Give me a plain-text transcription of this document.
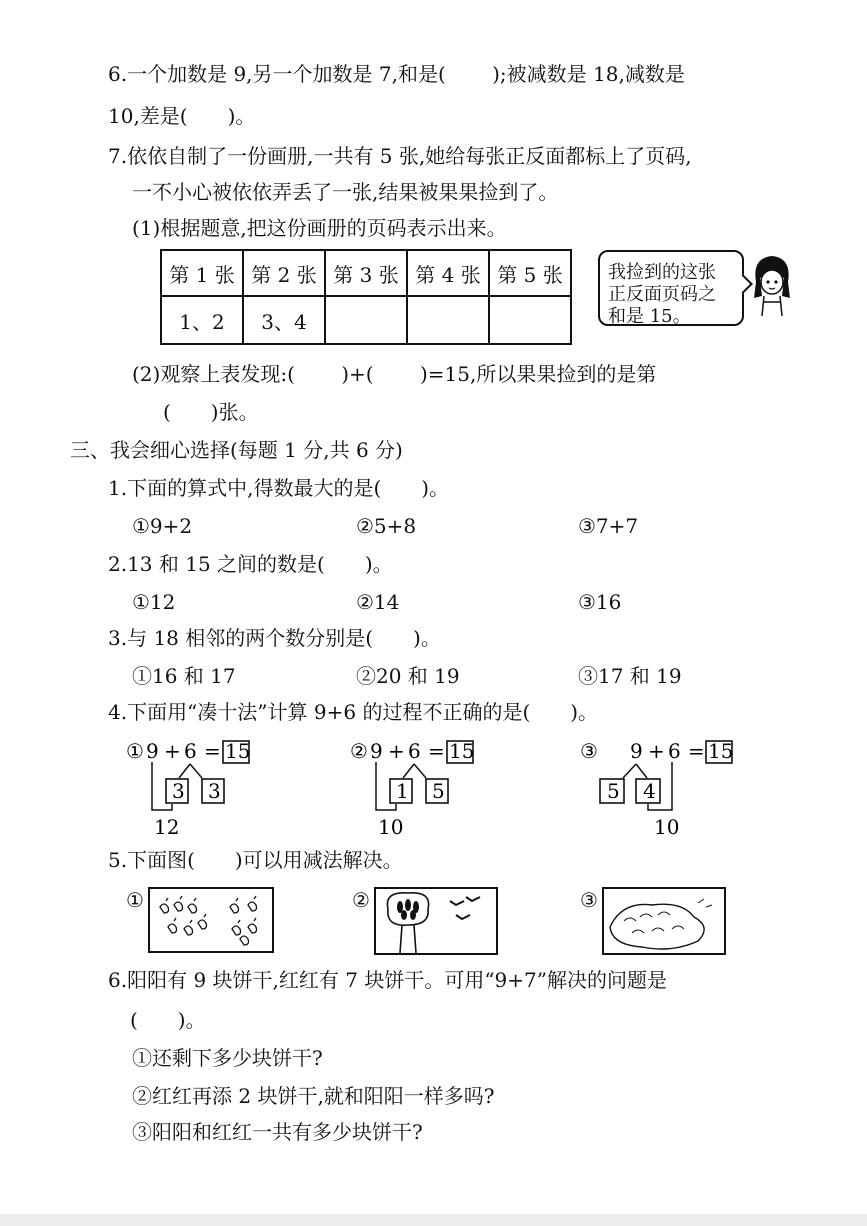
6.一个加数是 9,另一个加数是 7,和是(　　 );被减数是 18,减数是
10,差是(　　)。
7.依依自制了一份画册,一共有 5 张,她给每张正反面都标上了页码,
一不小心被依依弄丢了一张,结果被果果捡到了。
(1)根据题意,把这份画册的页码表示出来。
第 1 张	第 2 张	第 3 张	第 4 张	第 5 张
1、2	3、4			
我捡到的这张
正反面页码之
和是 15。
(2)观察上表发现:(　　 )+(　　 )=15,所以果果捡到的是第
(　　)张。
三、我会细心选择(每题 1 分,共 6 分)
1.下面的算式中,得数最大的是(　　)。
①9+2	②5+8	③7+7
2.13 和 15 之间的数是(　　)。
①12	②14	③16
3.与 18 相邻的两个数分别是(　　)。
①16 和 17	②20 和 19	③17 和 19
4.下面用“凑十法”计算 9+6 的过程不正确的是(　　)。
① 9 + 6 = 15
3 3
12
② 9 + 6 = 15
1 5
10
③ 9 + 6 = 15
5 4
10
5.下面图(　　)可以用减法解决。
①	②	③
6.阳阳有 9 块饼干,红红有 7 块饼干。可用“9+7”解决的问题是
(　　)。
①还剩下多少块饼干?
②红红再添 2 块饼干,就和阳阳一样多吗?
③阳阳和红红一共有多少块饼干?
